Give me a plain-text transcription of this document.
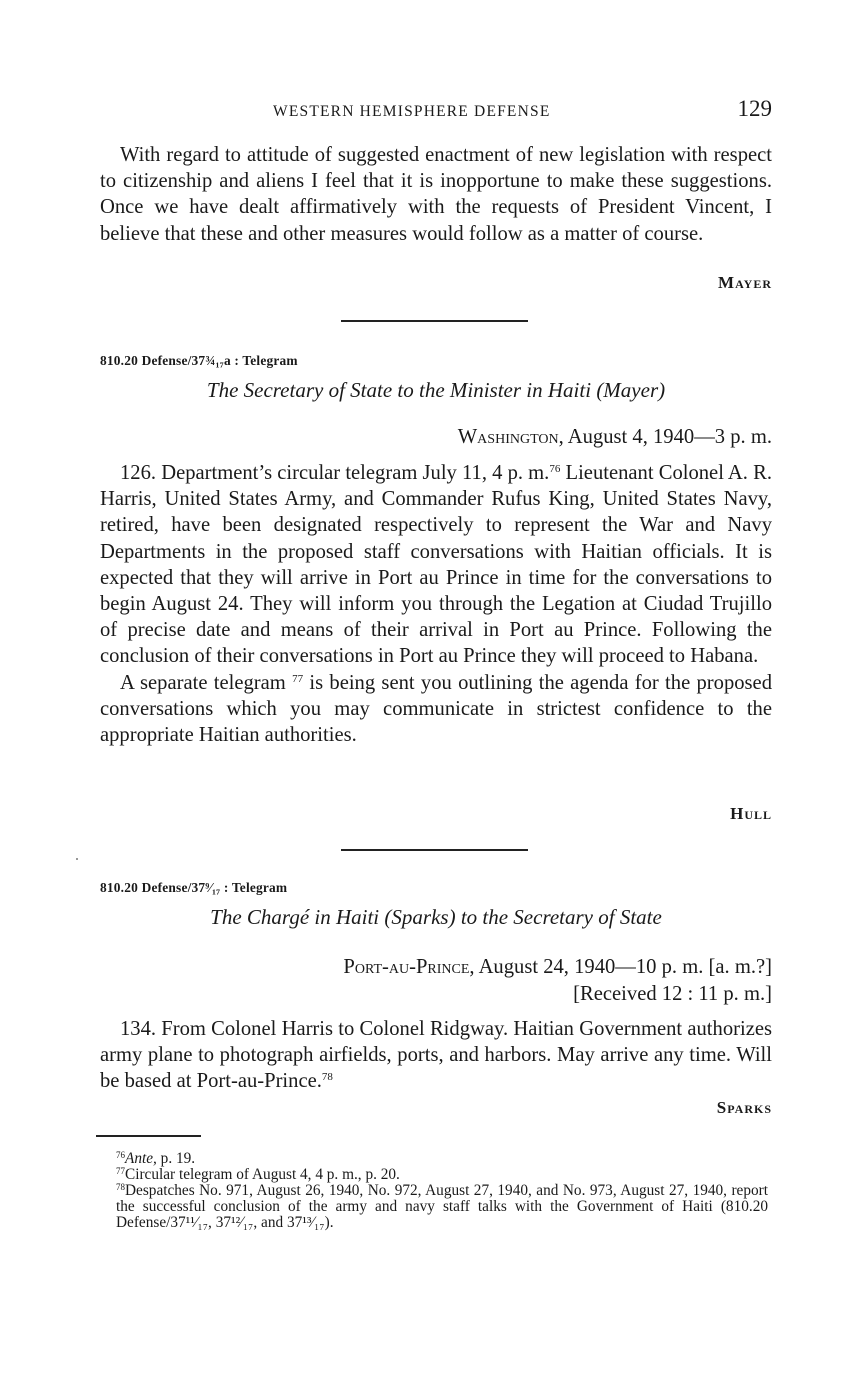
WESTERN HEMISPHERE DEFENSE	129

With regard to attitude of suggested enactment of new legislation with respect to citizenship and aliens I feel that it is inopportune to make these suggestions. Once we have dealt affirmatively with the requests of President Vincent, I believe that these and other measures would follow as a matter of course.

Mayer
810.20 Defense/37¾₁₇a : Telegram
The Secretary of State to the Minister in Haiti (Mayer)
Washington, August 4, 1940—3 p. m.

126. Department’s circular telegram July 11, 4 p. m.$^{76}$ Lieutenant Colonel A. R. Harris, United States Army, and Commander Rufus King, United States Navy, retired, have been designated respectively to represent the War and Navy Departments in the proposed staff conversations with Haitian officials. It is expected that they will arrive in Port au Prince in time for the conversations to begin August 24. They will inform you through the Legation at Ciudad Trujillo of precise date and means of their arrival in Port au Prince. Following the conclusion of their conversations in Port au Prince they will proceed to Habana.

A separate telegram $^{77}$ is being sent you outlining the agenda for the proposed conversations which you may communicate in strictest confidence to the appropriate Haitian authorities.

Hull
810.20 Defense/37⁹⁄₁₇ : Telegram
The Chargé in Haiti (Sparks) to the Secretary of State
Port-au-Prince, August 24, 1940—10 p. m. [a. m.?]
[Received 12 : 11 p. m.]

134. From Colonel Harris to Colonel Ridgway. Haitian Government authorizes army plane to photograph airfields, ports, and harbors. May arrive any time. Will be based at Port-au-Prince.$^{78}$

Sparks

$^{76}$Ante, p. 19.

$^{77}$Circular telegram of August 4, 4 p. m., p. 20.

$^{78}$Despatches No. 971, August 26, 1940, No. 972, August 27, 1940, and No. 973, August 27, 1940, report the successful conclusion of the army and navy staff talks with the Government of Haiti (810.20 Defense/37¹¹⁄₁₇, 37¹²⁄₁₇, and 37¹³⁄₁₇).
